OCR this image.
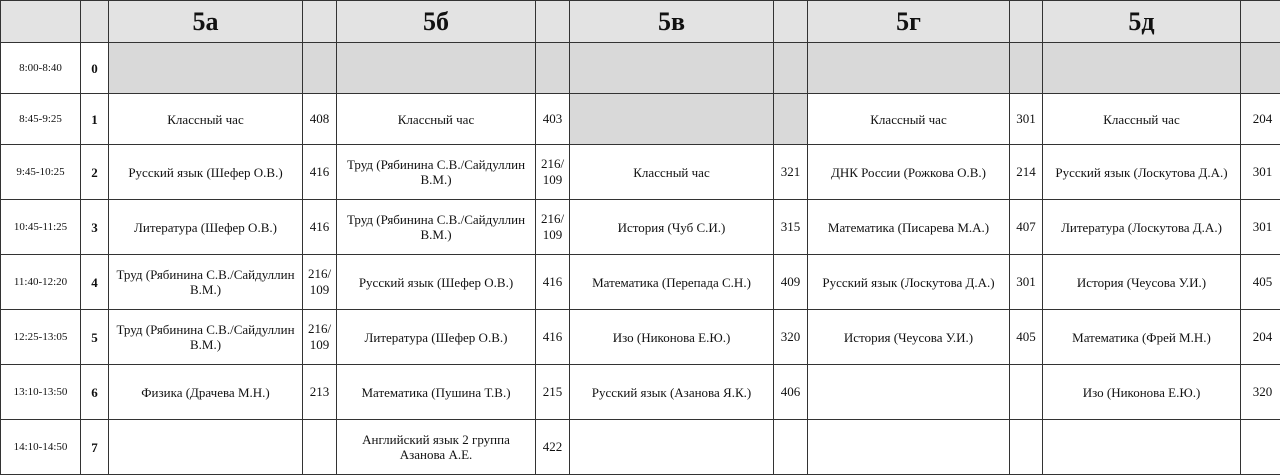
		5а		5б		5в		5г		5д	
8:00-8:40	0										
8:45-9:25	1	Классный час	408	Классный час	403			Классный час	301	Классный час	204
9:45-10:25	2	Русский язык (Шефер О.В.)	416	Труд (Рябинина С.В./Сайдуллин В.М.)	216/ 109	Классный час	321	ДНК России (Рожкова О.В.)	214	Русский язык (Лоскутова Д.А.)	301
10:45-11:25	3	Литература (Шефер О.В.)	416	Труд (Рябинина С.В./Сайдуллин В.М.)	216/ 109	История (Чуб С.И.)	315	Математика (Писарева М.А.)	407	Литература (Лоскутова Д.А.)	301
11:40-12:20	4	Труд (Рябинина С.В./Сайдуллин В.М.)	216/ 109	Русский язык (Шефер О.В.)	416	Математика (Перепада С.Н.)	409	Русский язык (Лоскутова Д.А.)	301	История (Чеусова У.И.)	405
12:25-13:05	5	Труд (Рябинина С.В./Сайдуллин В.М.)	216/ 109	Литература (Шефер О.В.)	416	Изо (Никонова Е.Ю.)	320	История (Чеусова У.И.)	405	Математика (Фрей М.Н.)	204
13:10-13:50	6	Физика (Драчева М.Н.)	213	Математика (Пушина Т.В.)	215	Русский язык (Азанова Я.К.)	406			Изо (Никонова Е.Ю.)	320
14:10-14:50	7			Английский язык 2 группа Азанова А.Е.	422						
